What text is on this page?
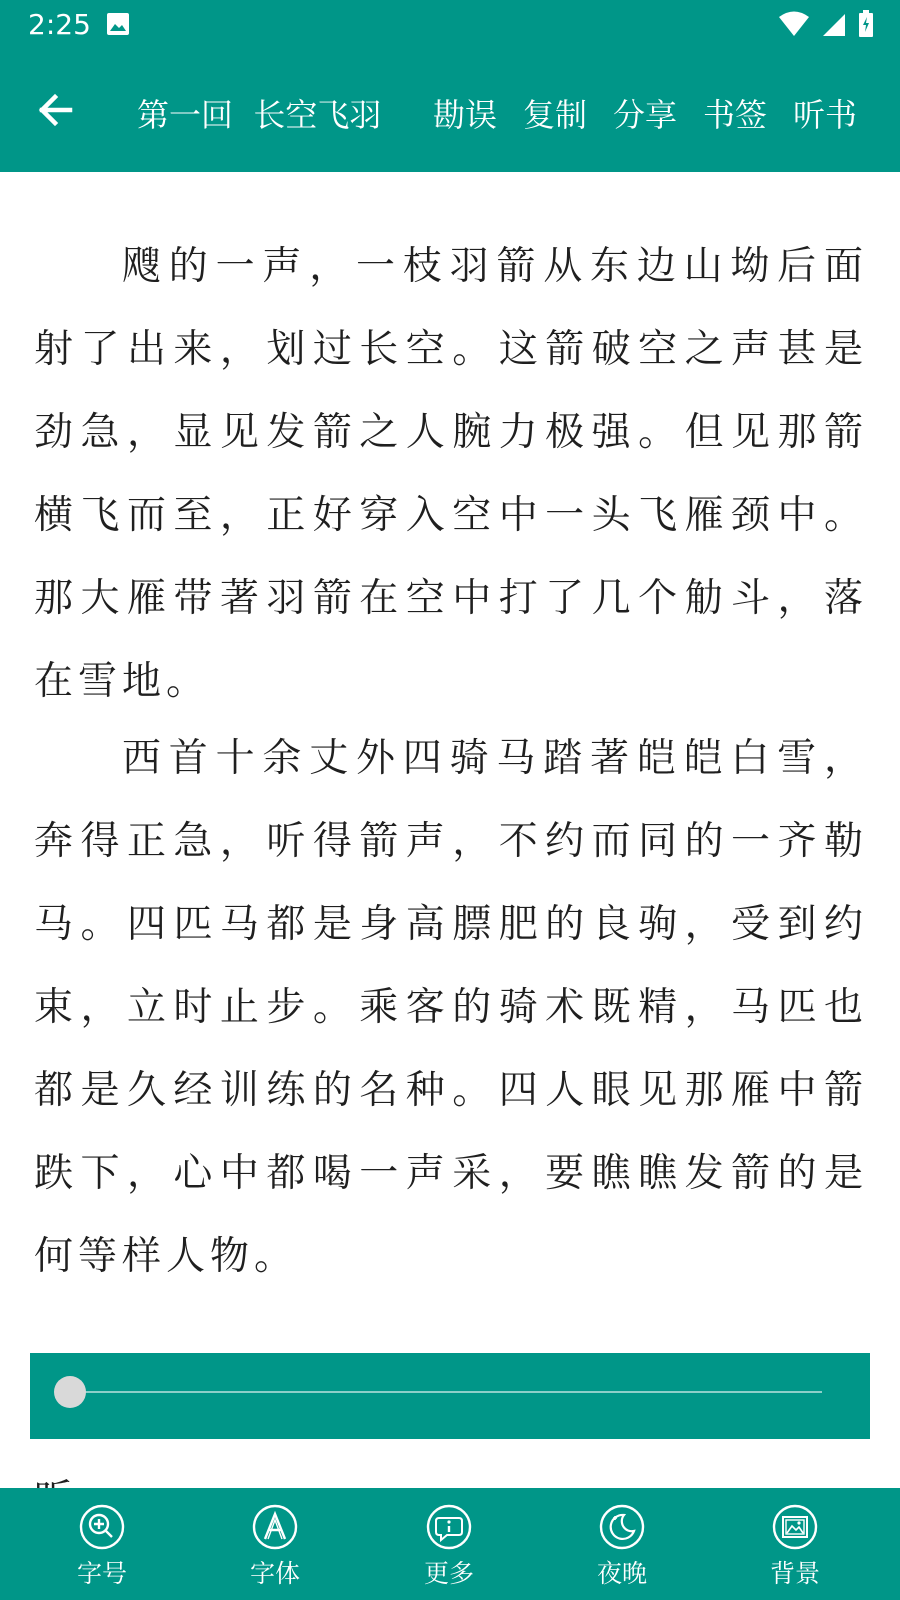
2:25

第一回  长空飞羽 勘误 复制 分享 书签 听书

飕的一声，一枝羽箭从东边山坳后面射了出来，划过长空。这箭破空之声甚是劲急，显见发箭之人腕力极强。但见那箭横飞而至，正好穿入空中一头飞雁颈中。那大雁带著羽箭在空中打了几个觔斗，落在雪地。

西首十余丈外四骑马踏著皑皑白雪，奔得正急，听得箭声，不约而同的一齐勒马。四匹马都是身高膘肥的良驹，受到约束，立时止步。乘客的骑术既精，马匹也都是久经训练的名种。四人眼见那雁中箭跌下，心中都喝一声采，要瞧瞧发箭的是何等样人物。

字号	字体	更多	夜晚	背景
